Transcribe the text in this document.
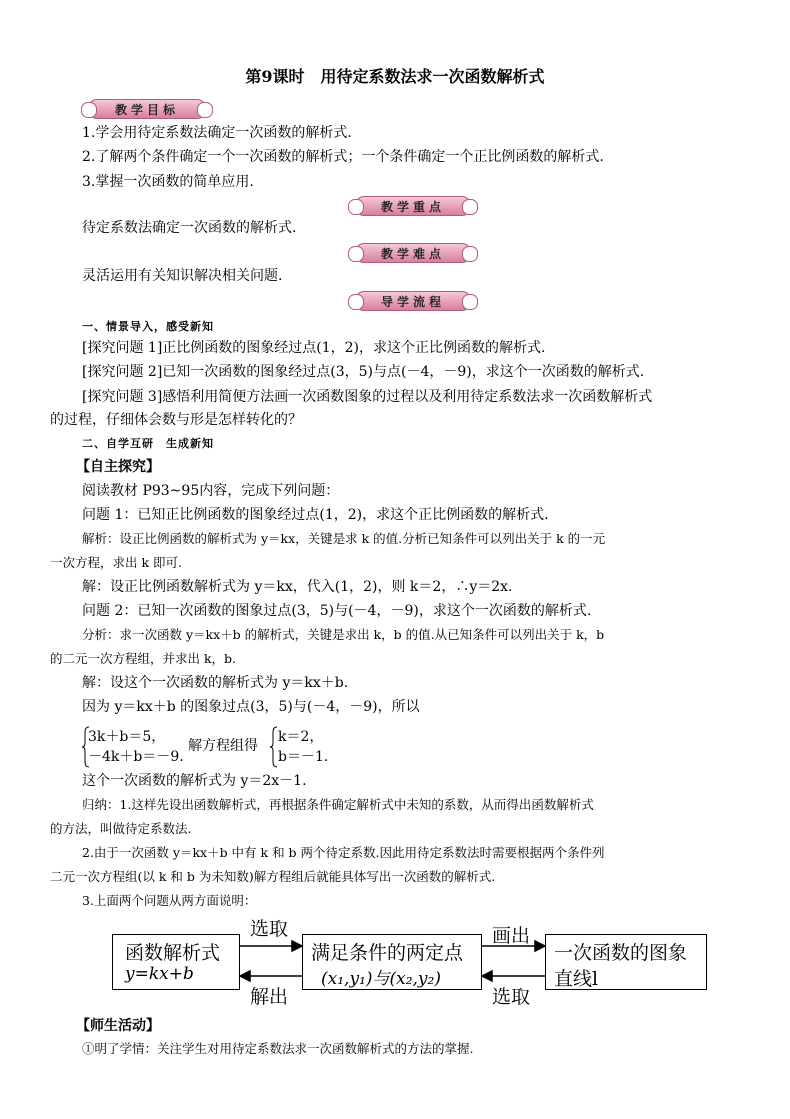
第9课时　用待定系数法求一次函数解析式
教学目标
1.学会用待定系数法确定一次函数的解析式.
2.了解两个条件确定一个一次函数的解析式；一个条件确定一个正比例函数的解析式.
3.掌握一次函数的简单应用.
教学重点
待定系数法确定一次函数的解析式.
教学难点
灵活运用有关知识解决相关问题.
导学流程
一、情景导入，感受新知
[探究问题 1]正比例函数的图象经过点(1，2)，求这个正比例函数的解析式.
[探究问题 2]已知一次函数的图象经过点(3，5)与点(－4，－9)，求这个一次函数的解析式.
[探究问题 3]感悟利用简便方法画一次函数图象的过程以及利用待定系数法求一次函数解析式
的过程，仔细体会数与形是怎样转化的？
二、自学互研　生成新知
【自主探究】
阅读教材 P93~95内容，完成下列问题：
问题 1：已知正比例函数的图象经过点(1，2)，求这个正比例函数的解析式.
解析：设正比例函数的解析式为 y＝kx，关键是求 k 的值.分析已知条件可以列出关于 k 的一元
一次方程，求出 k 即可.
解：设正比例函数解析式为 y＝kx，代入(1，2)，则 k＝2，∴y＝2x.
问题 2：已知一次函数的图象过点(3，5)与(－4，－9)，求这个一次函数的解析式.
分析：求一次函数 y＝kx＋b 的解析式，关键是求出 k，b 的值.从已知条件可以列出关于 k，b
的二元一次方程组，并求出 k，b.
解：设这个一次函数的解析式为 y＝kx＋b.
因为 y＝kx＋b 的图象过点(3，5)与(－4，－9)，所以
3k＋b＝5，
－4k＋b＝－9.
解方程组得
k＝2，
b＝－1.
这个一次函数的解析式为 y＝2x－1.
归纳：1.这样先设出函数解析式，再根据条件确定解析式中未知的系数，从而得出函数解析式
的方法，叫做待定系数法.
2.由于一次函数 y＝kx＋b 中有 k 和 b 两个待定系数.因此用待定系数法时需要根据两个条件列
二元一次方程组(以 k 和 b 为未知数)解方程组后就能具体写出一次函数的解析式.
3.上面两个问题从两方面说明：
函数解析式
y=kx+b
满足条件的两定点
(x₁,y₁)与(x₂,y₂)
一次函数的图象
直线l
选取
解出
画出
选取
【师生活动】
①明了学情：关注学生对用待定系数法求一次函数解析式的方法的掌握.
